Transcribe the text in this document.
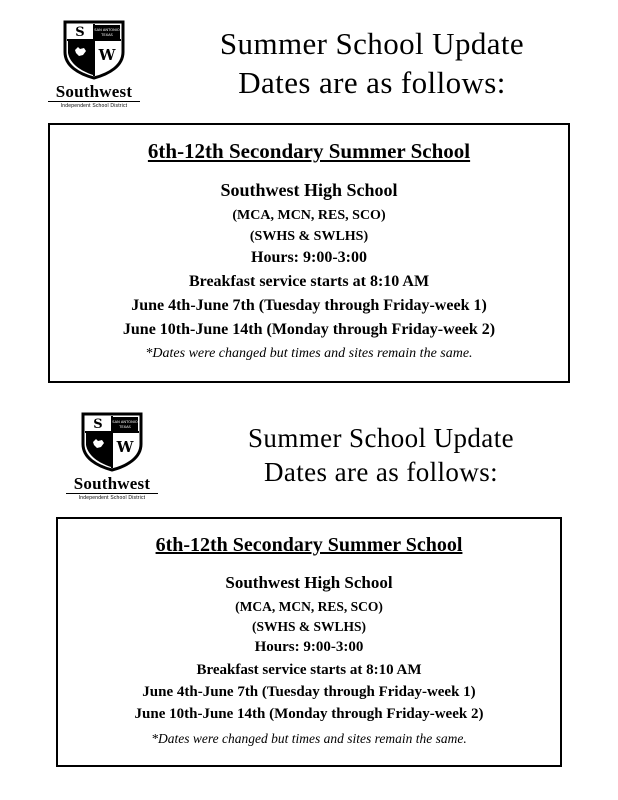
S
W
SAN ANTONIO
TEXAS
Southwest
Independent School District
Summer School Update
Dates are as follows:
6th-12th Secondary Summer School
Southwest High School
(MCA, MCN, RES, SCO)
(SWHS & SWLHS)
Hours: 9:00-3:00
Breakfast service starts at 8:10 AM
June 4th-June 7th (Tuesday through Friday-week 1)
June 10th-June 14th (Monday through Friday-week 2)
*Dates were changed but times and sites remain the same.
S
W
SAN ANTONIO
TEXAS
Southwest
Independent School District
Summer School Update
Dates are as follows:
6th-12th Secondary Summer School
Southwest High School
(MCA, MCN, RES, SCO)
(SWHS & SWLHS)
Hours: 9:00-3:00
Breakfast service starts at 8:10 AM
June 4th-June 7th (Tuesday through Friday-week 1)
June 10th-June 14th (Monday through Friday-week 2)
*Dates were changed but times and sites remain the same.
